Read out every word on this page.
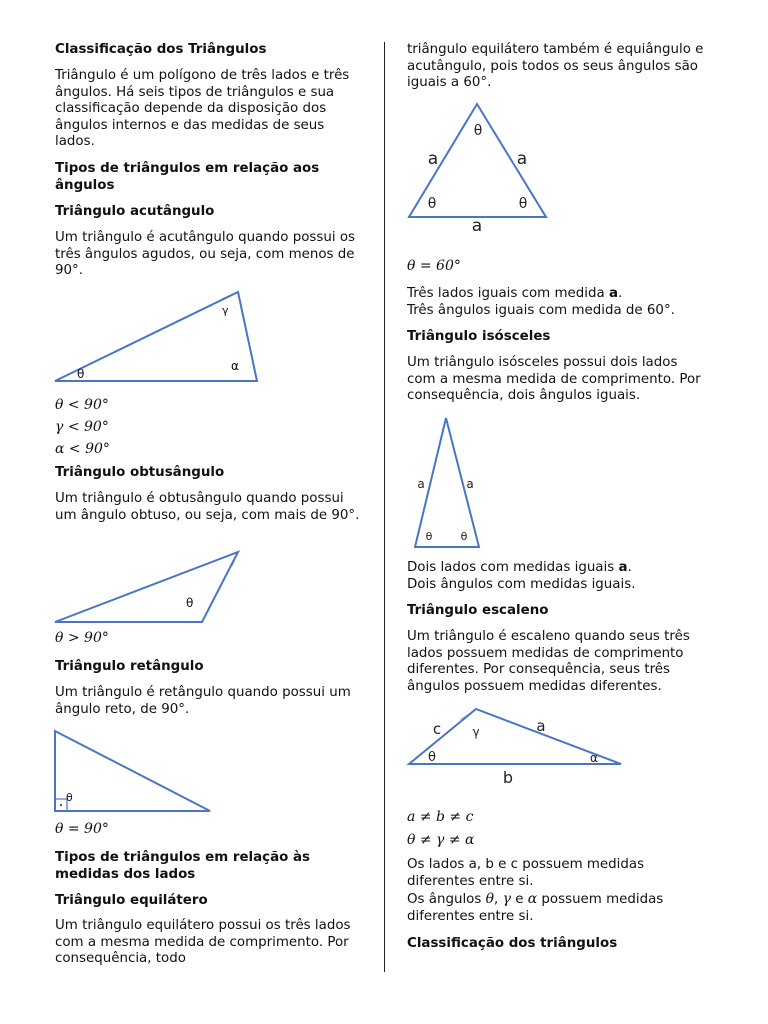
Classificação dos Triângulos

Triângulo é um polígono de três lados e três ângulos. Há seis tipos de triângulos e sua classificação depende da disposição dos ângulos internos e das medidas de seus lados.

Tipos de triângulos em relação aos ângulos
Triângulo acutângulo

Um triângulo é acutângulo quando possui os três ângulos agudos, ou seja, com menos de 90°.

γ
α
θ
θ < 90°
γ < 90°
α < 90°
Triângulo obtusângulo

Um triângulo é obtusângulo quando possui um ângulo obtuso, ou seja, com mais de 90°.

θ
θ > 90°
Triângulo retângulo

Um triângulo é retângulo quando possui um ângulo reto, de 90°.

θ
θ = 90°
Tipos de triângulos em relação às medidas dos lados
Triângulo equilátero

Um triângulo equilátero possui os três lados com a mesma medida de comprimento. Por consequência, todo

triângulo equilátero também é equiângulo e acutângulo, pois todos os seus ângulos são iguais a 60°.

θ
θ	θ
a	a
a
θ = 60°

Três lados iguais com medida a.

Três ângulos iguais com medida de 60°.

Triângulo isósceles

Um triângulo isósceles possui dois lados com a mesma medida de comprimento. Por consequência, dois ângulos iguais.

a	a
θ	θ

Dois lados com medidas iguais a.

Dois ângulos com medidas iguais.

Triângulo escaleno

Um triângulo é escaleno quando seus três lados possuem medidas de comprimento diferentes. Por consequência, seus três ângulos possuem medidas diferentes.

c	a
b
γ
θ	α
a ≠ b ≠ c
θ ≠ γ ≠ α

Os lados a, b e c possuem medidas diferentes entre si.

Os ângulos θ, γ e α possuem medidas diferentes entre si.

Classificação dos triângulos
